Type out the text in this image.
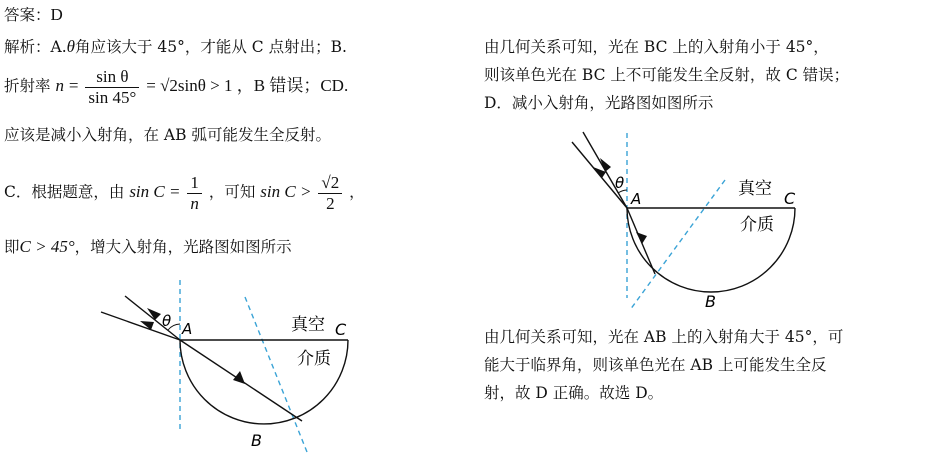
答案：D
解析：A.θ角应该大于 45°，才能从 C 点射出；B.
折射率 $n = \frac{\text{sin θ}}{\sin 45^\circ} = √2\sin\theta > 1$ ，B 错误；CD.
应该是减小入射角，在 AB 弧可能发生全反射。
C．根据题意，由 $\sin C = \frac{1}{n}$ ，可知 $\sin C > \frac{√2}{2}$ ，
即C > 45°，增大入射角，光路图如图所示
θ A	C
B
真空
介质
由几何关系可知，光在 BC 上的入射角小于 45°，
则该单色光在 BC 上不可能发生全反射，故 C 错误；
D．减小入射角，光路图如图所示
θ
A	C
B
真空
介质
由几何关系可知，光在 AB 上的入射角大于 45°，可
能大于临界角，则该单色光在 AB 上可能发生全反
射，故 D 正确。故选 D。
